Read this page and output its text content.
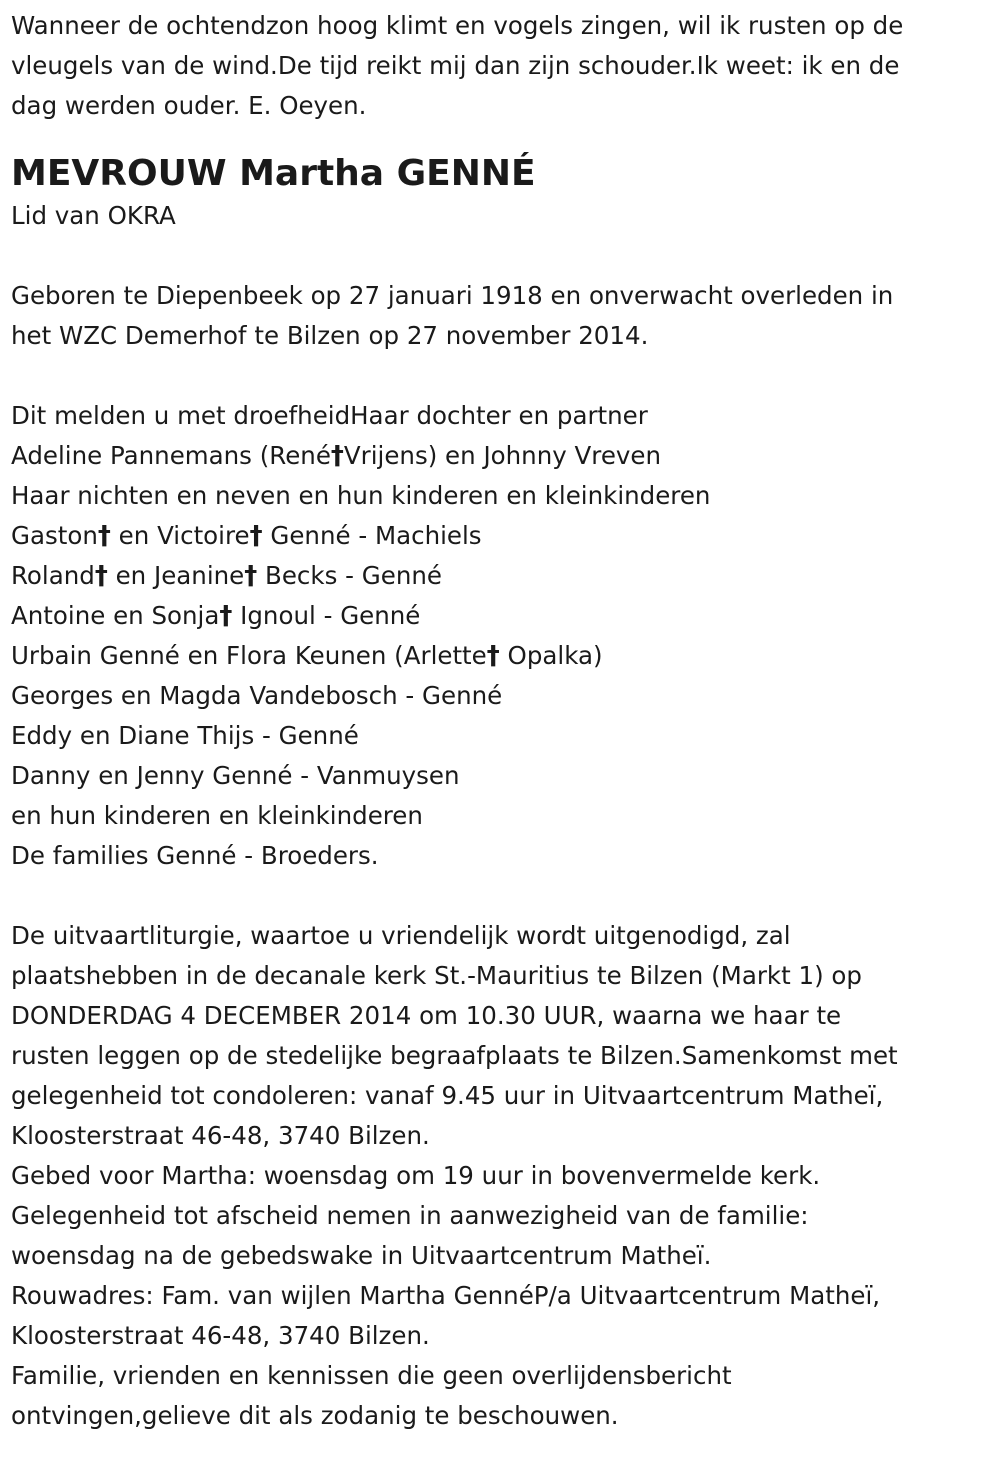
Wanneer de ochtendzon hoog klimt en vogels zingen, wil ik rusten op de
vleugels van de wind.De tijd reikt mij dan zijn schouder.Ik weet: ik en de
dag werden ouder. E. Oeyen.
MEVROUW Martha GENNÉ
Lid van OKRA
Geboren te Diepenbeek op 27 januari 1918 en onverwacht overleden in
het WZC Demerhof te Bilzen op 27 november 2014.
Dit melden u met droefheidHaar dochter en partner
Adeline Pannemans (René†Vrijens) en Johnny Vreven
Haar nichten en neven en hun kinderen en kleinkinderen
Gaston† en Victoire† Genné - Machiels
Roland† en Jeanine† Becks - Genné
Antoine en Sonja† Ignoul - Genné
Urbain Genné en Flora Keunen (Arlette† Opalka)
Georges en Magda Vandebosch - Genné
Eddy en Diane Thijs - Genné
Danny en Jenny Genné - Vanmuysen
en hun kinderen en kleinkinderen
De families Genné - Broeders.
De uitvaartliturgie, waartoe u vriendelijk wordt uitgenodigd, zal
plaatshebben in de decanale kerk St.-Mauritius te Bilzen (Markt 1) op
DONDERDAG 4 DECEMBER 2014 om 10.30 UUR, waarna we haar te
rusten leggen op de stedelijke begraafplaats te Bilzen.Samenkomst met
gelegenheid tot condoleren: vanaf 9.45 uur in Uitvaartcentrum Matheï,
Kloosterstraat 46-48, 3740 Bilzen.
Gebed voor Martha: woensdag om 19 uur in bovenvermelde kerk.
Gelegenheid tot afscheid nemen in aanwezigheid van de familie:
woensdag na de gebedswake in Uitvaartcentrum Matheï.
Rouwadres: Fam. van wijlen Martha GennéP/a Uitvaartcentrum Matheï,
Kloosterstraat 46-48, 3740 Bilzen.
Familie, vrienden en kennissen die geen overlijdensbericht
ontvingen,gelieve dit als zodanig te beschouwen.
